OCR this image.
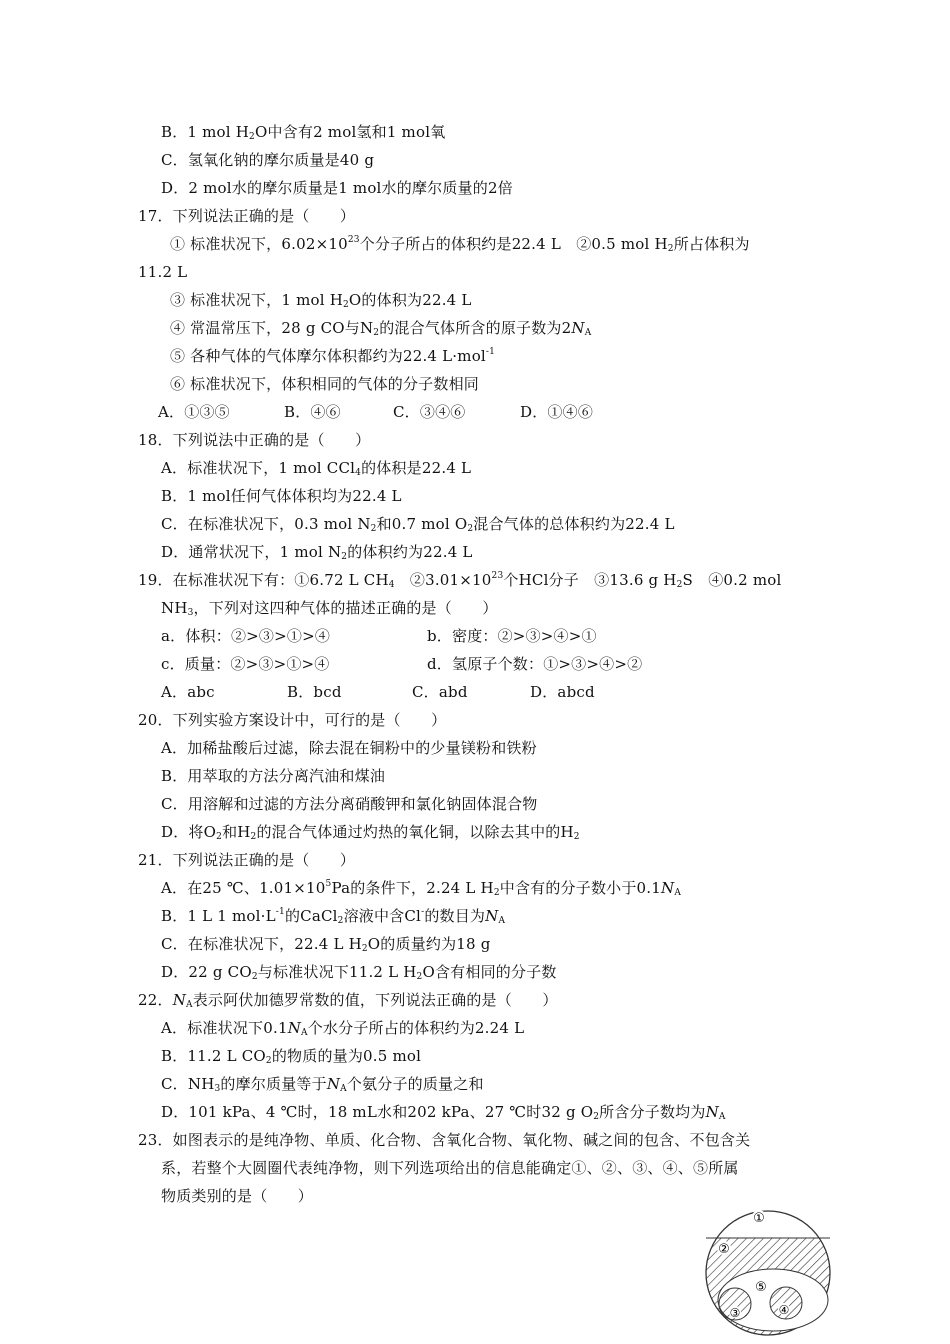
B．1 mol $H_2O$中含有2 mol氢和1 mol氧
C．氢氧化钠的摩尔质量是40 g
D．2 mol水的摩尔质量是1 mol水的摩尔质量的2倍
17．下列说法正确的是（　　）
① 标准状况下，$6.02\times 10^{23}$个分子所占的体积约是22.4 L　②0.5 mol $H_2$所占体积为
11.2 L
③ 标准状况下，1 mol $H_2O$的体积为22.4 L
④ 常温常压下，28 g CO与$N_2$的混合气体所含的原子数为$2N_A$
⑤ 各种气体的气体摩尔体积都约为22.4 L·mol$^{-1}$
⑥ 标准状况下，体积相同的气体的分子数相同
A．①③⑤	B．④⑥	C．③④⑥	D．①④⑥
18．下列说法中正确的是（　　）
A．标准状况下，1 mol CCl$_4$的体积是22.4 L
B．1 mol任何气体体积均为22.4 L
C．在标准状况下，0.3 mol $N_2$和0.7 mol $O_2$混合气体的总体积约为22.4 L
D．通常状况下，1 mol $N_2$的体积约为22.4 L
19．在标准状况下有：①6.72 L $CH_4$　$②3.01\times 10^{23}$个HCl分子　③13.6 g $H_2S$　④0.2 mol
$NH_3$，下列对这四种气体的描述正确的是（　　）
a．体积：②>③>①>④	b．密度：②>③>④>①
c．质量：②>③>①>④	d．氢原子个数：①>③>④>②
A．abc	B．bcd	C．abd	D．abcd
20．下列实验方案设计中，可行的是（　　）
A．加稀盐酸后过滤，除去混在铜粉中的少量镁粉和铁粉
B．用萃取的方法分离汽油和煤油
C．用溶解和过滤的方法分离硝酸钾和氯化钠固体混合物
D．将$O_2$和$H_2$的混合气体通过灼热的氧化铜，以除去其中的$H_2$
21．下列说法正确的是（　　）
A．在25 ℃、$1.01\times 10^5Pa$的条件下，2.24 L $H_2$中含有的分子数小于$0.1N_A$
B．1 L 1 $mol\cdot L^{-1}$的CaCl$_2$溶液中含Cl-的数目为$N_A$
C．在标准状况下，22.4 L $H_2O$的质量约为18 g
D．22 g $CO_2$与标准状况下11.2 L $H_2O$含有相同的分子数
22．$N_A$表示阿伏加德罗常数的值，下列说法正确的是（　　）
A．标准状况下$0.1N_A$个水分子所占的体积约为2.24 L
B．11.2 L $CO_2$的物质的量为0.5 mol
C．$NH_3$的摩尔质量等于$N_A$个氨分子的质量之和
D．101 kPa、4 ℃时，18 mL水和202 kPa、27 ℃时32 g $O_2$所含分子数均为$N_A$
23．如图表示的是纯净物、单质、化合物、含氧化合物、氧化物、碱之间的包含、不包含关
系，若整个大圆圈代表纯净物，则下列选项给出的信息能确定①、②、③、④、⑤所属
物质类别的是（　　）
①
②
③	④
⑤
